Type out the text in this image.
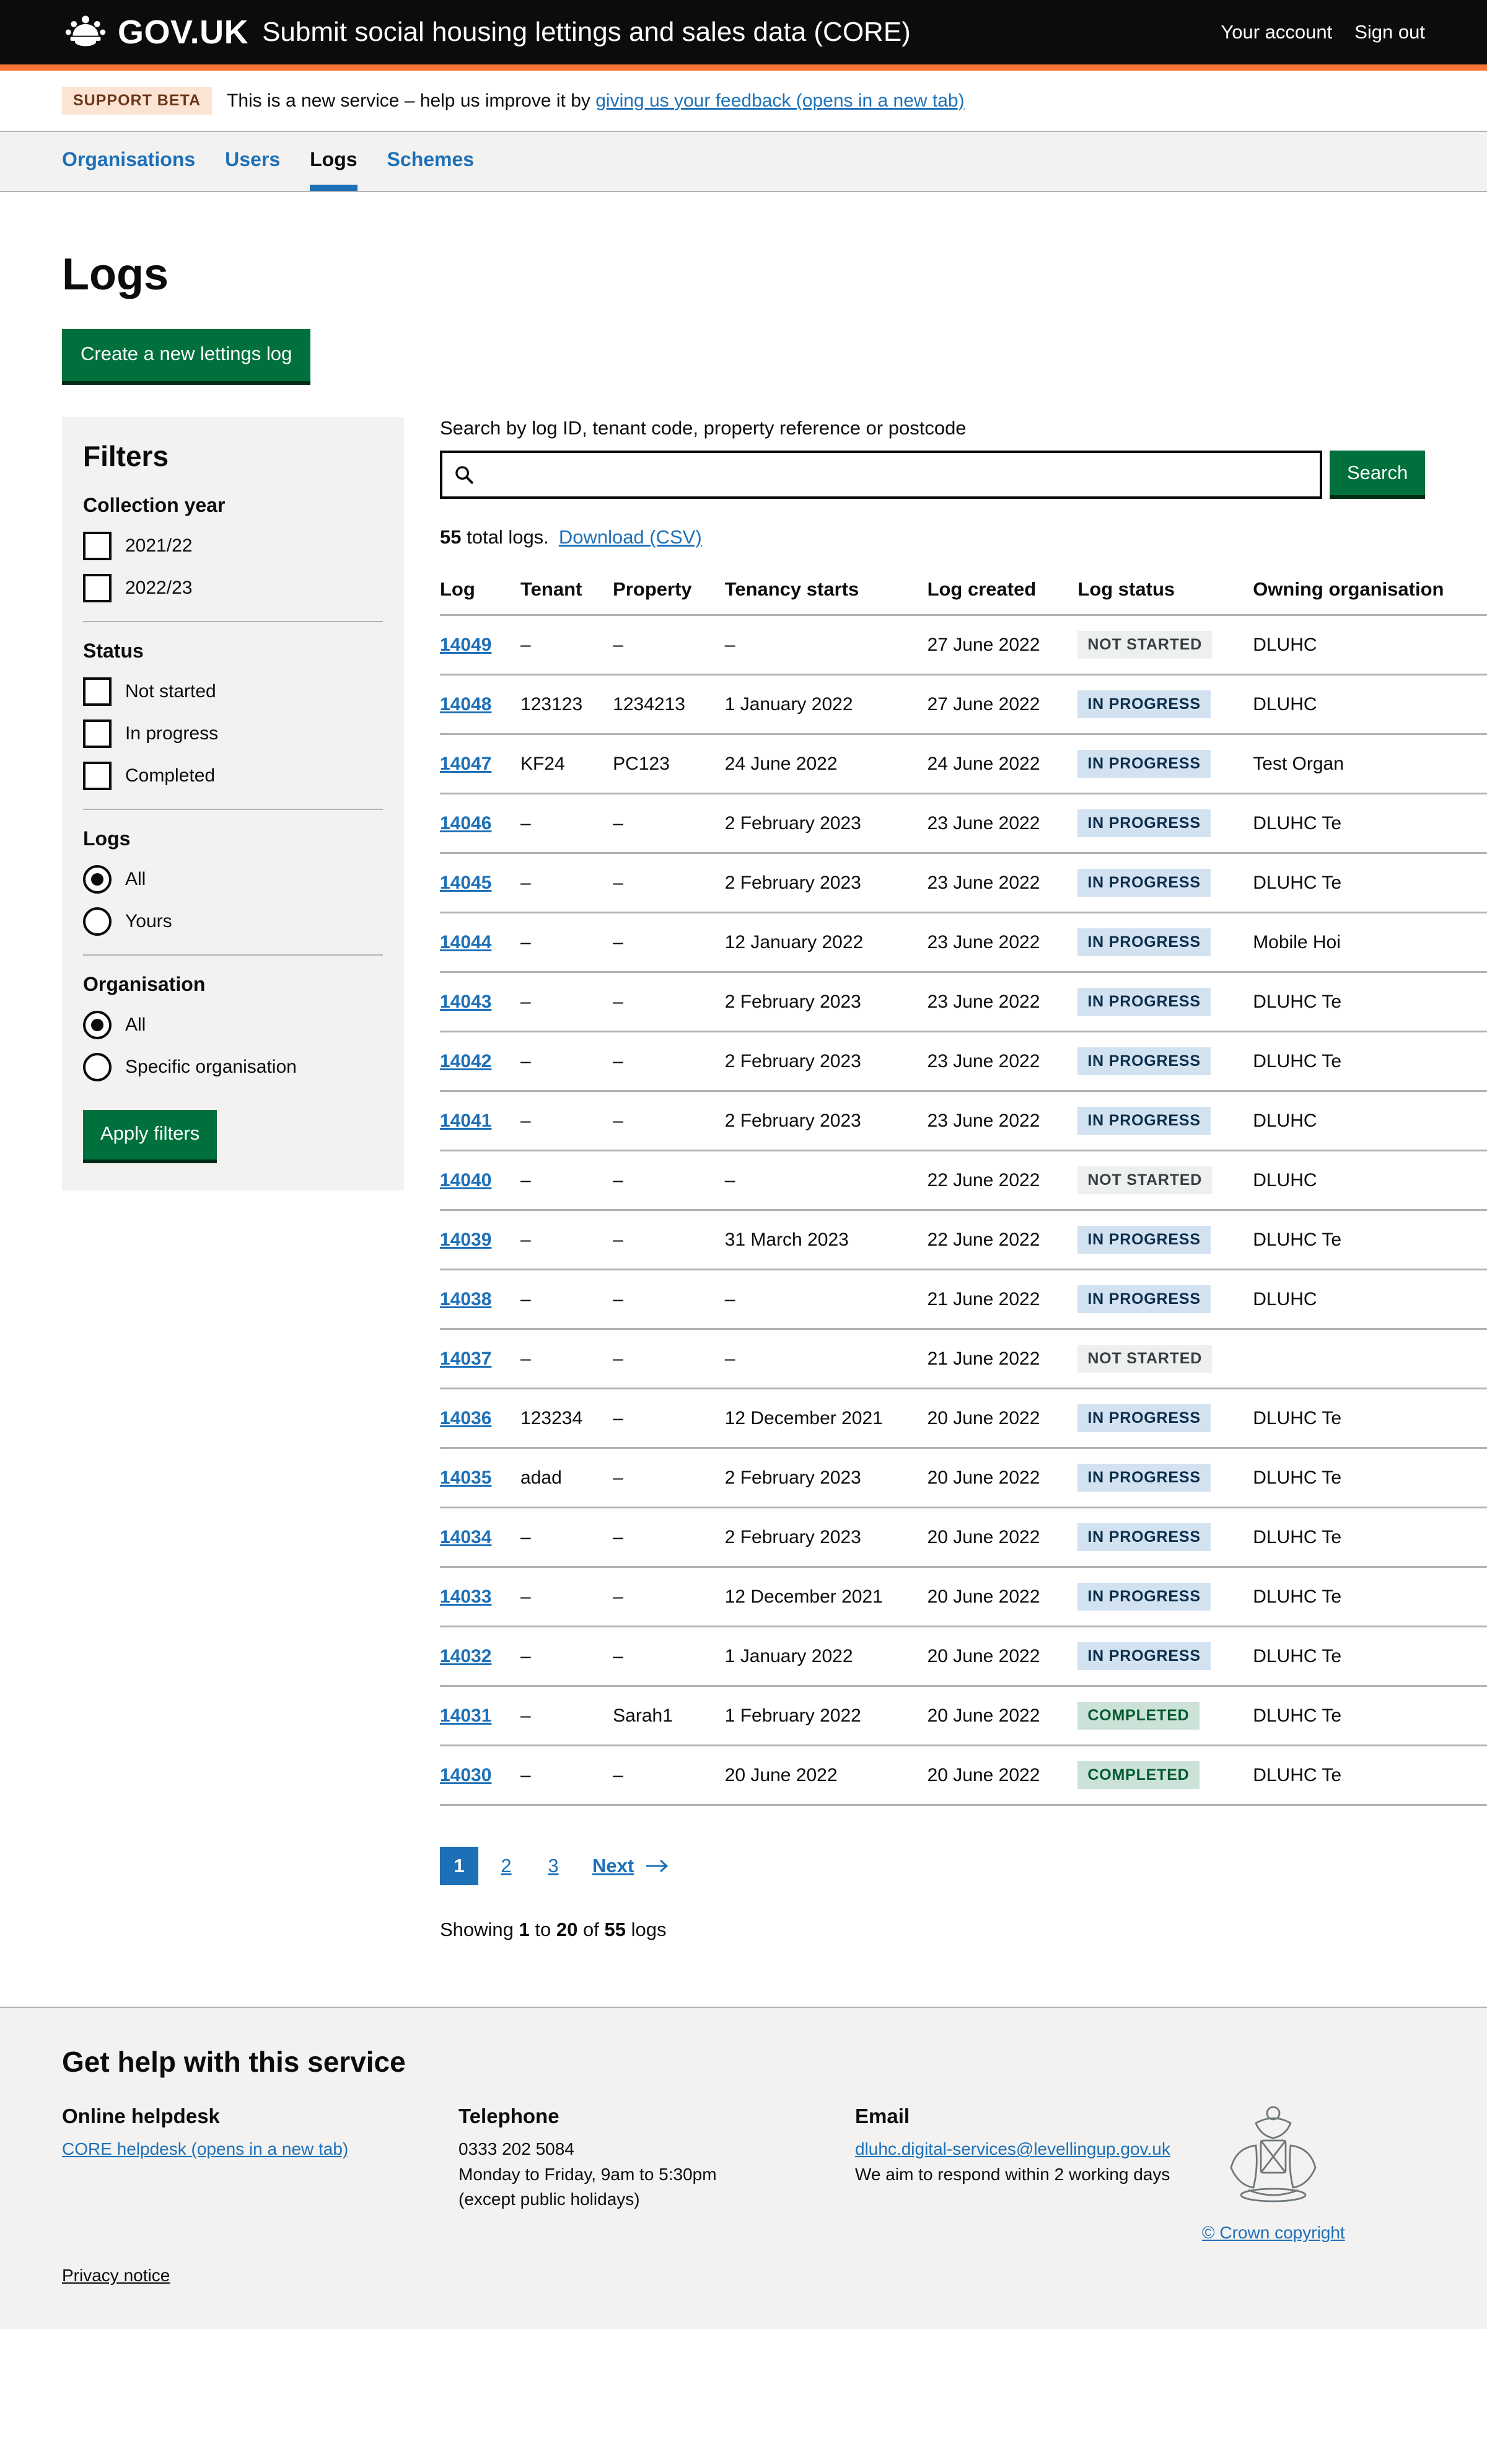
GOV.UK Submit social housing lettings and sales data (CORE)	Your account Sign out
SUPPORT BETA	This is a new service – help us improve it by giving us your feedback (opens in a new tab)
Organisations Users Logs Schemes
Logs
Create a new lettings log
Filters
Collection year
2021/22
2022/23
Status
Not started
In progress
Completed
Logs
All
Yours
Organisation
All
Specific organisation
Apply filters
Search by log ID, tenant code, property reference or postcode
Search
55 total logs. Download (CSV)
Log	Tenant	Property	Tenancy starts	Log created	Log status	Owning organisation
14049	–	–	–	27 June 2022	NOT STARTED	DLUHC
14048	123123	1234213	1 January 2022	27 June 2022	IN PROGRESS	DLUHC
14047	KF24	PC123	24 June 2022	24 June 2022	IN PROGRESS	Test Organ
14046	–	–	2 February 2023	23 June 2022	IN PROGRESS	DLUHC Te
14045	–	–	2 February 2023	23 June 2022	IN PROGRESS	DLUHC Te
14044	–	–	12 January 2022	23 June 2022	IN PROGRESS	Mobile Hoi
14043	–	–	2 February 2023	23 June 2022	IN PROGRESS	DLUHC Te
14042	–	–	2 February 2023	23 June 2022	IN PROGRESS	DLUHC Te
14041	–	–	2 February 2023	23 June 2022	IN PROGRESS	DLUHC
14040	–	–	–	22 June 2022	NOT STARTED	DLUHC
14039	–	–	31 March 2023	22 June 2022	IN PROGRESS	DLUHC Te
14038	–	–	–	21 June 2022	IN PROGRESS	DLUHC
14037	–	–	–	21 June 2022	NOT STARTED	
14036	123234	–	12 December 2021	20 June 2022	IN PROGRESS	DLUHC Te
14035	adad	–	2 February 2023	20 June 2022	IN PROGRESS	DLUHC Te
14034	–	–	2 February 2023	20 June 2022	IN PROGRESS	DLUHC Te
14033	–	–	12 December 2021	20 June 2022	IN PROGRESS	DLUHC Te
14032	–	–	1 January 2022	20 June 2022	IN PROGRESS	DLUHC Te
14031	–	Sarah1	1 February 2022	20 June 2022	COMPLETED	DLUHC Te
14030	–	–	20 June 2022	20 June 2022	COMPLETED	DLUHC Te
1	2	3	Next
Showing 1 to 20 of 55 logs
Get help with this service
Online helpdesk
CORE helpdesk (opens in a new tab)
Telephone

0333 202 5084

Monday to Friday, 9am to 5:30pm

(except public holidays)

Email
dluhc.digital-services@levellingup.gov.uk

We aim to respond within 2 working days

© Crown copyright
Privacy notice
